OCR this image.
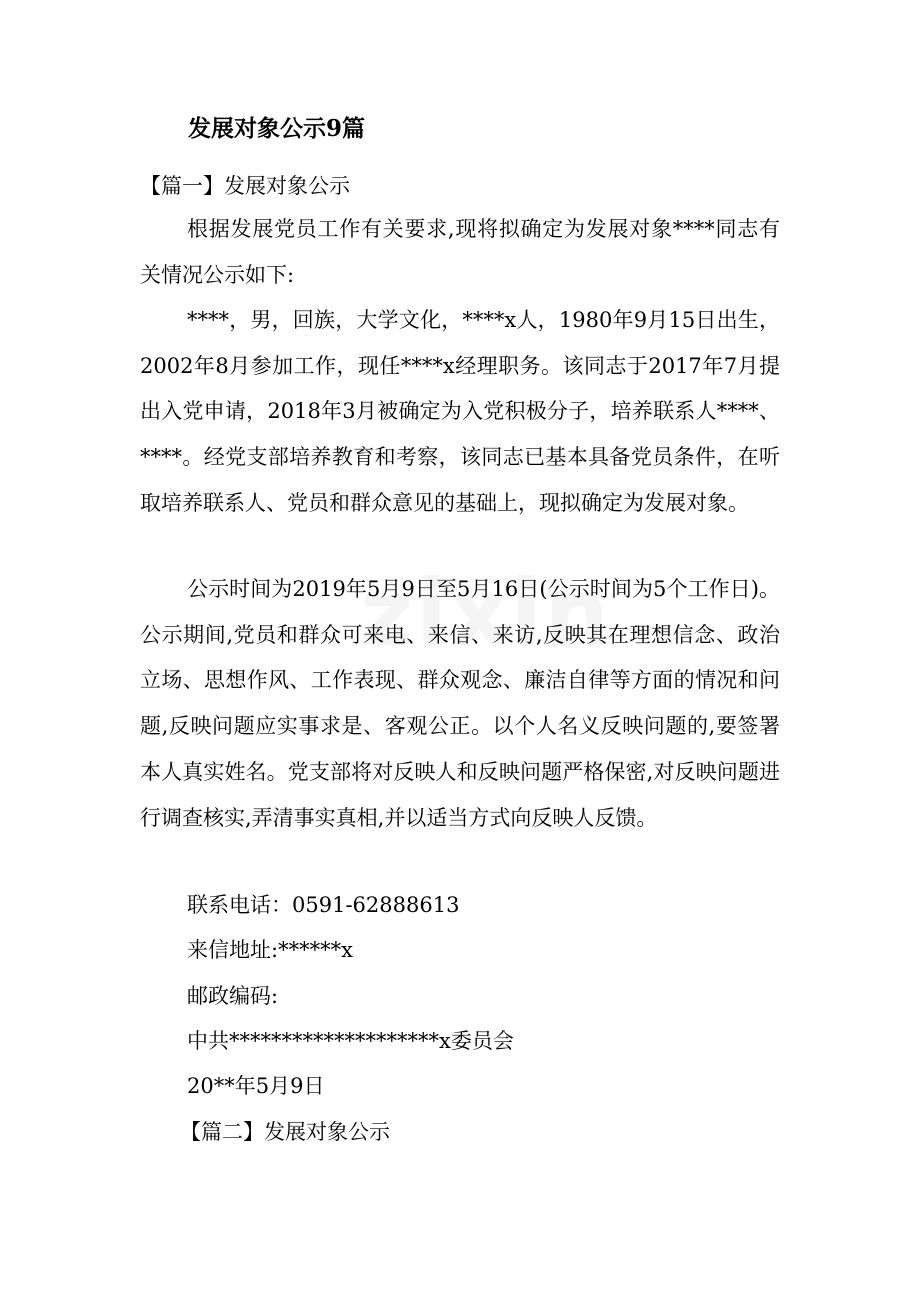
发展对象公示9篇
【篇一】发展对象公示

根据发展党员工作有关要求,现将拟确定为发展对象****同志有关情况公示如下:

****，男，回族，大学文化，****x人，1980年9月15日出生，2002年8月参加工作，现任****x经理职务。该同志于2017年7月提出入党申请，2018年3月被确定为入党积极分子，培养联系人****、****。经党支部培养教育和考察，该同志已基本具备党员条件，在听取培养联系人、党员和群众意见的基础上，现拟确定为发展对象。

公示时间为2019年5月9日至5月16日(公示时间为5个工作日)。公示期间,党员和群众可来电、来信、来访,反映其在理想信念、政治立场、思想作风、工作表现、群众观念、廉洁自律等方面的情况和问题,反映问题应实事求是、客观公正。以个人名义反映问题的,要签署本人真实姓名。党支部将对反映人和反映问题严格保密,对反映问题进行调查核实,弄清事实真相,并以适当方式向反映人反馈。

联系电话：0591-62888613
来信地址:******x
邮政编码:
中共********************x委员会
20**年5月9日
【篇二】发展对象公示
